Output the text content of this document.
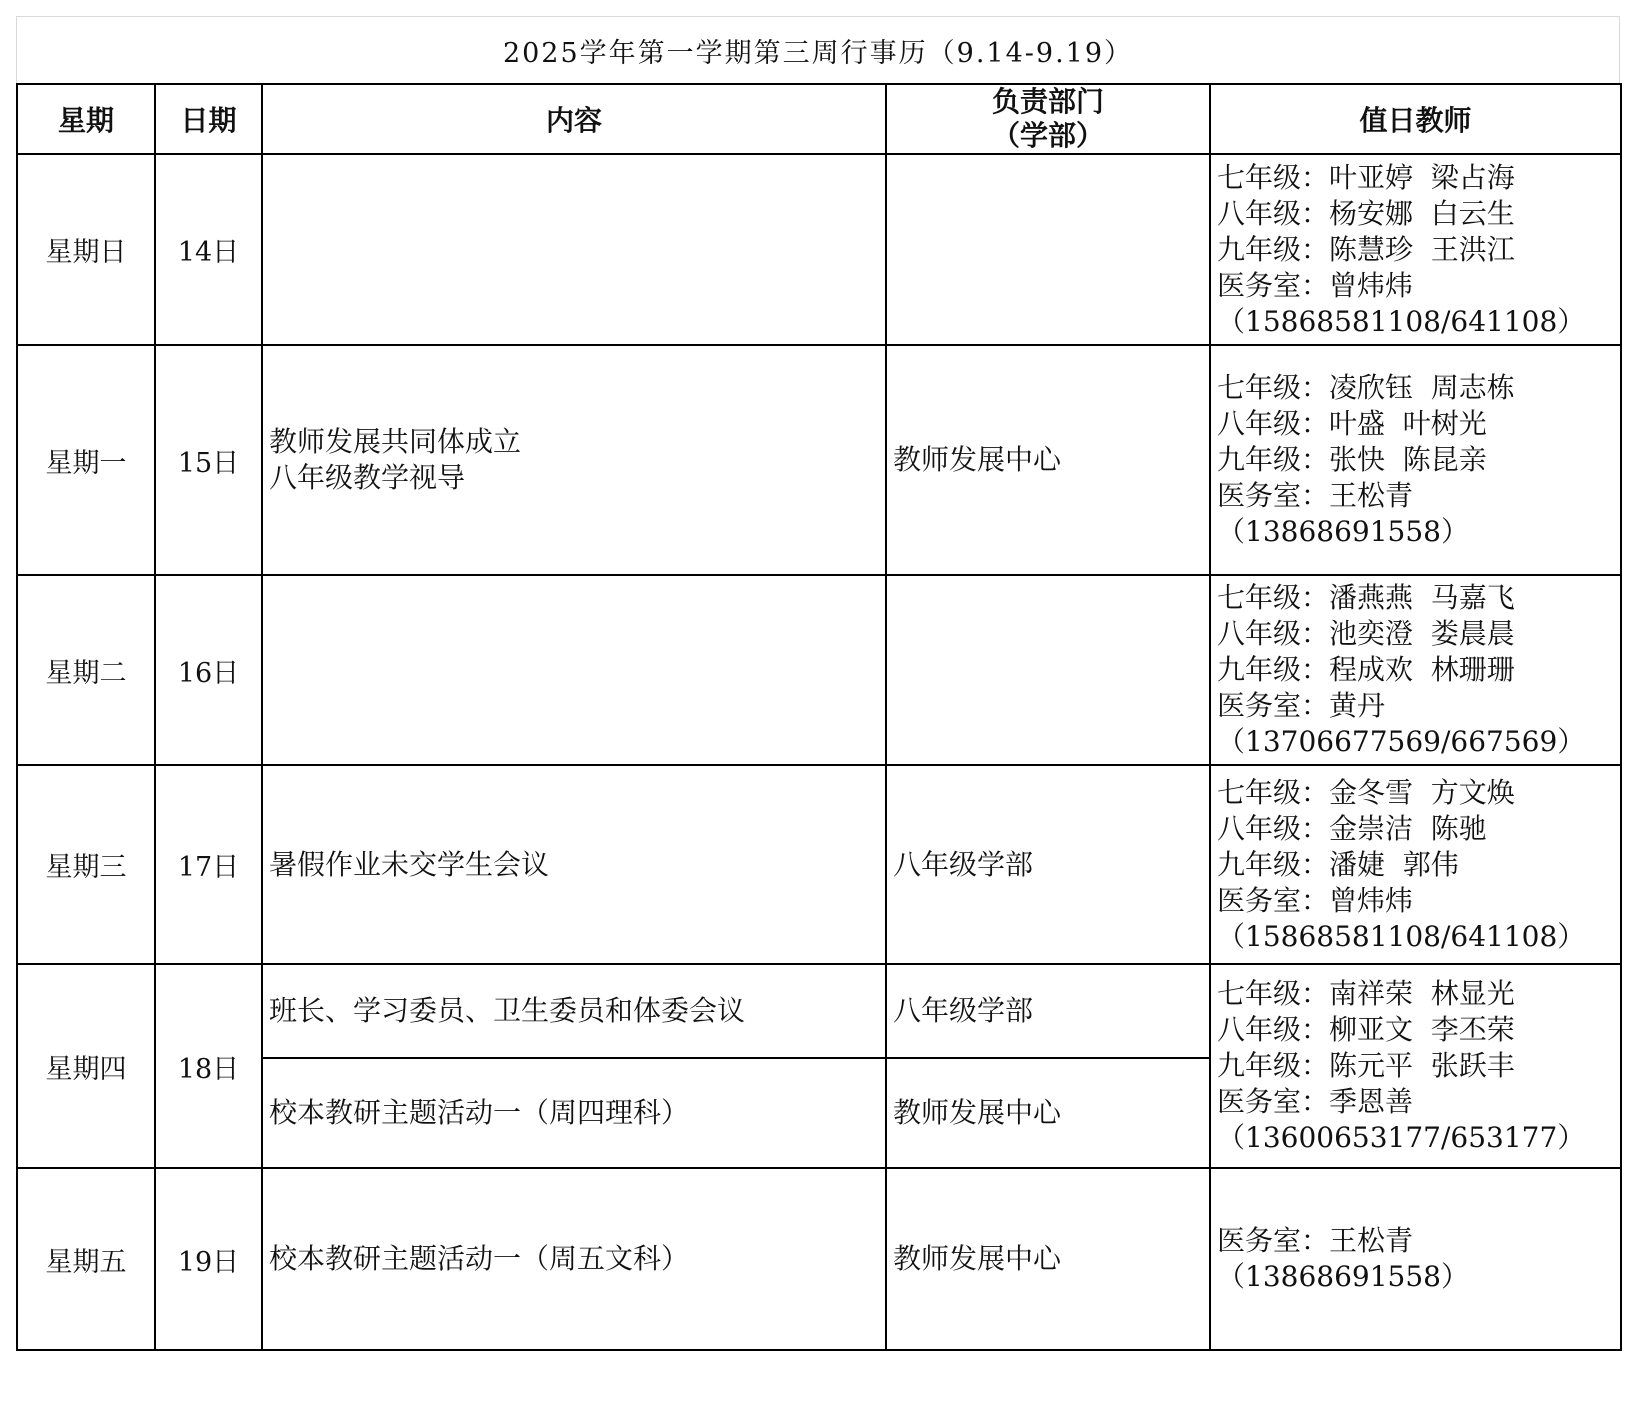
2025学年第一学期第三周行事历（9.14-9.19）
星期	日期	内容	负责部门
（学部）	值日教师
星期日	14日			七年级：叶亚婷  梁占海
八年级：杨安娜  白云生
九年级：陈慧珍  王洪江
医务室：曾炜炜
（15868581108/641108）

星期一	15日	教师发展共同体成立
八年级教学视导	教师发展中心	七年级：凌欣钰  周志栋
八年级：叶盛  叶树光
九年级：张快  陈昆亲
医务室：王松青
（13868691558）

星期二	16日			七年级：潘燕燕  马嘉飞
八年级：池奕澄  娄晨晨
九年级：程成欢  林珊珊
医务室：黄丹
（13706677569/667569）

星期三	17日	暑假作业未交学生会议	八年级学部	七年级：金冬雪  方文焕
八年级：金崇洁  陈驰
九年级：潘婕  郭伟
医务室：曾炜炜
（15868581108/641108）

星期四	18日	班长、学习委员、卫生委员和体委会议	八年级学部	七年级：南祥荣  林显光
八年级：柳亚文  李丕荣
九年级：陈元平  张跃丰
医务室：季恩善
（13600653177/653177）

		校本教研主题活动一（周四理科）	教师发展中心	
星期五	19日	校本教研主题活动一（周五文科）	教师发展中心	医务室：王松青
（13868691558）
